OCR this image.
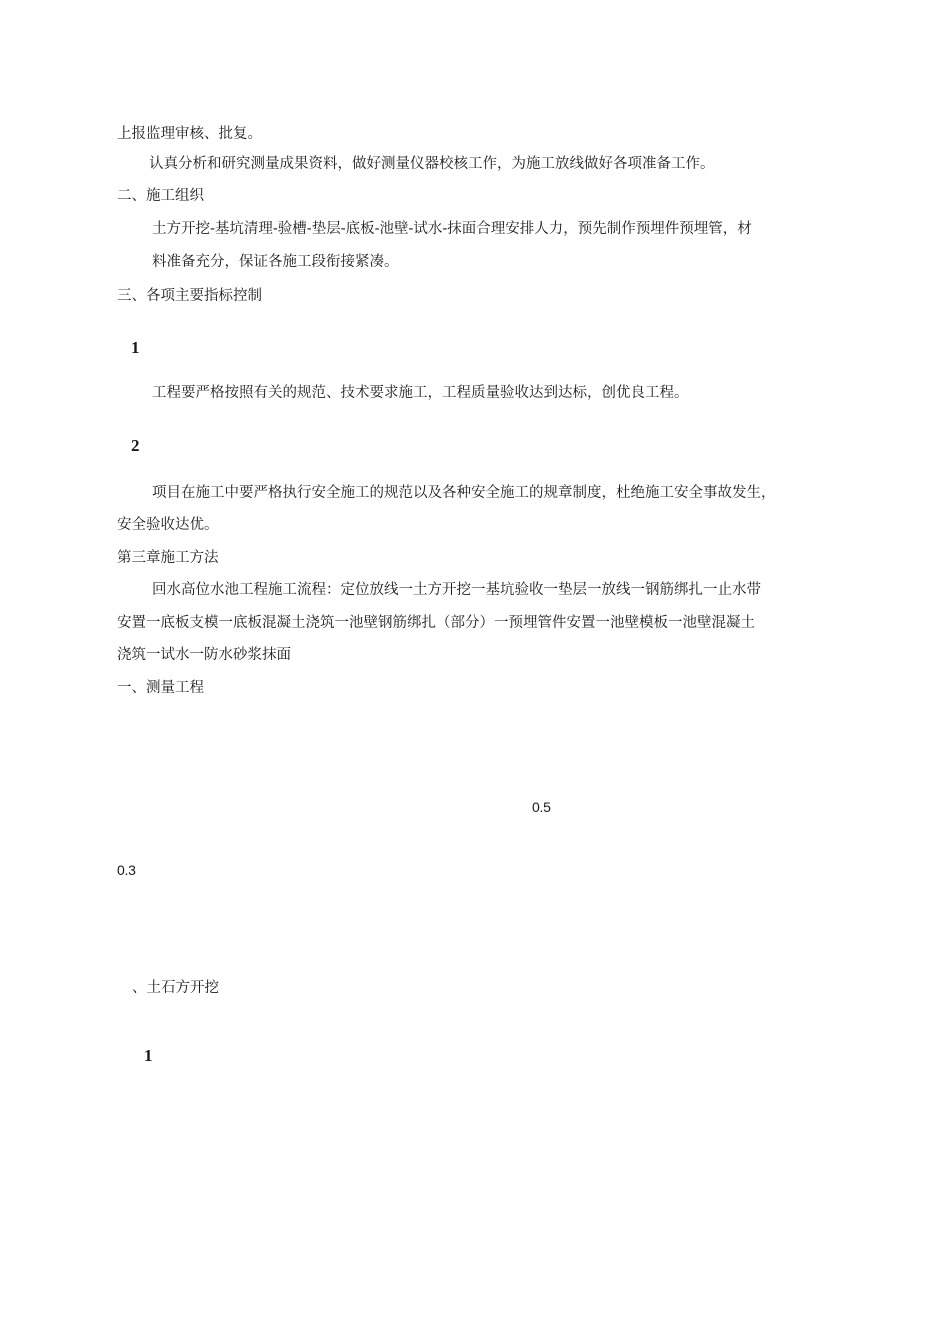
上报监理审核、批复。

认真分析和研究测量成果资料，做好测量仪器校核工作，为施工放线做好各项准备工作。

二、施工组织

土方开挖-基坑清理-验槽-垫层-底板-池壁-试水-抹面合理安排人力，预先制作预埋件预埋管，材

料准备充分，保证各施工段衔接紧凑。

三、各项主要指标控制

1

工程要严格按照有关的规范、技术要求施工，工程质量验收达到达标，创优良工程。

2

项目在施工中要严格执行安全施工的规范以及各种安全施工的规章制度，杜绝施工安全事故发生，

安全验收达优。

第三章施工方法

回水高位水池工程施工流程：定位放线一土方开挖一基坑验收一垫层一放线一钢筋绑扎一止水带

安置一底板支模一底板混凝土浇筑一池壁钢筋绑扎（部分）一预埋管件安置一池壁模板一池壁混凝土

浇筑一试水一防水砂浆抹面

一、测量工程

0.5

0.3

、土石方开挖

1
